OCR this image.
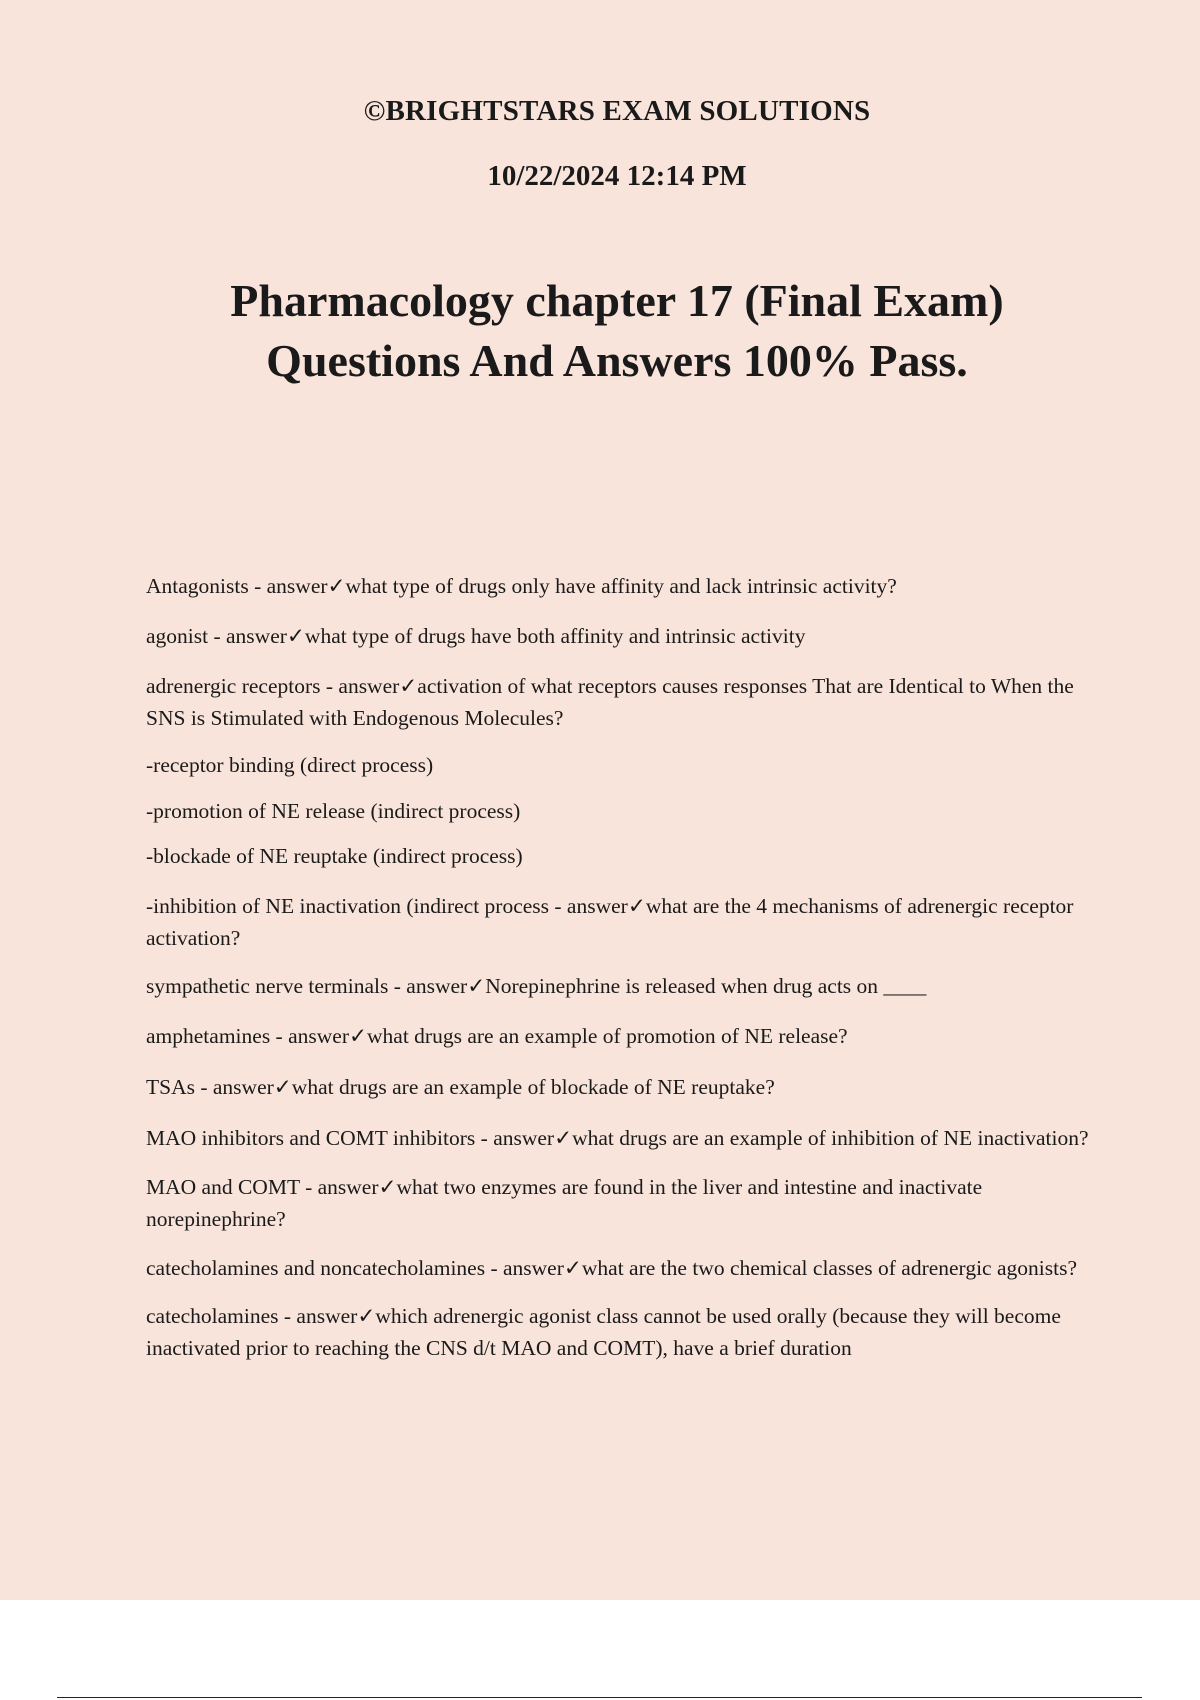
©BRIGHTSTARS EXAM SOLUTIONS
10/22/2024 12:14 PM
Pharmacology chapter 17 (Final Exam)
Questions And Answers 100% Pass.

Antagonists - answer✓what type of drugs only have affinity and lack intrinsic activity?

agonist - answer✓what type of drugs have both affinity and intrinsic activity

adrenergic receptors - answer✓activation of what receptors causes responses That are Identical to When the SNS is Stimulated with Endogenous Molecules?

-receptor binding (direct process)

-promotion of NE release (indirect process)

-blockade of NE reuptake (indirect process)

-inhibition of NE inactivation (indirect process - answer✓what are the 4 mechanisms of adrenergic receptor activation?

sympathetic nerve terminals - answer✓Norepinephrine is released when drug acts on ____

amphetamines - answer✓what drugs are an example of promotion of NE release?

TSAs - answer✓what drugs are an example of blockade of NE reuptake?

MAO inhibitors and COMT inhibitors - answer✓what drugs are an example of inhibition of NE inactivation?

MAO and COMT - answer✓what two enzymes are found in the liver and intestine and inactivate norepinephrine?

catecholamines and noncatecholamines - answer✓what are the two chemical classes of adrenergic agonists?

catecholamines - answer✓which adrenergic agonist class cannot be used orally (because they will become inactivated prior to reaching the CNS d/t MAO and COMT), have a brief duration
